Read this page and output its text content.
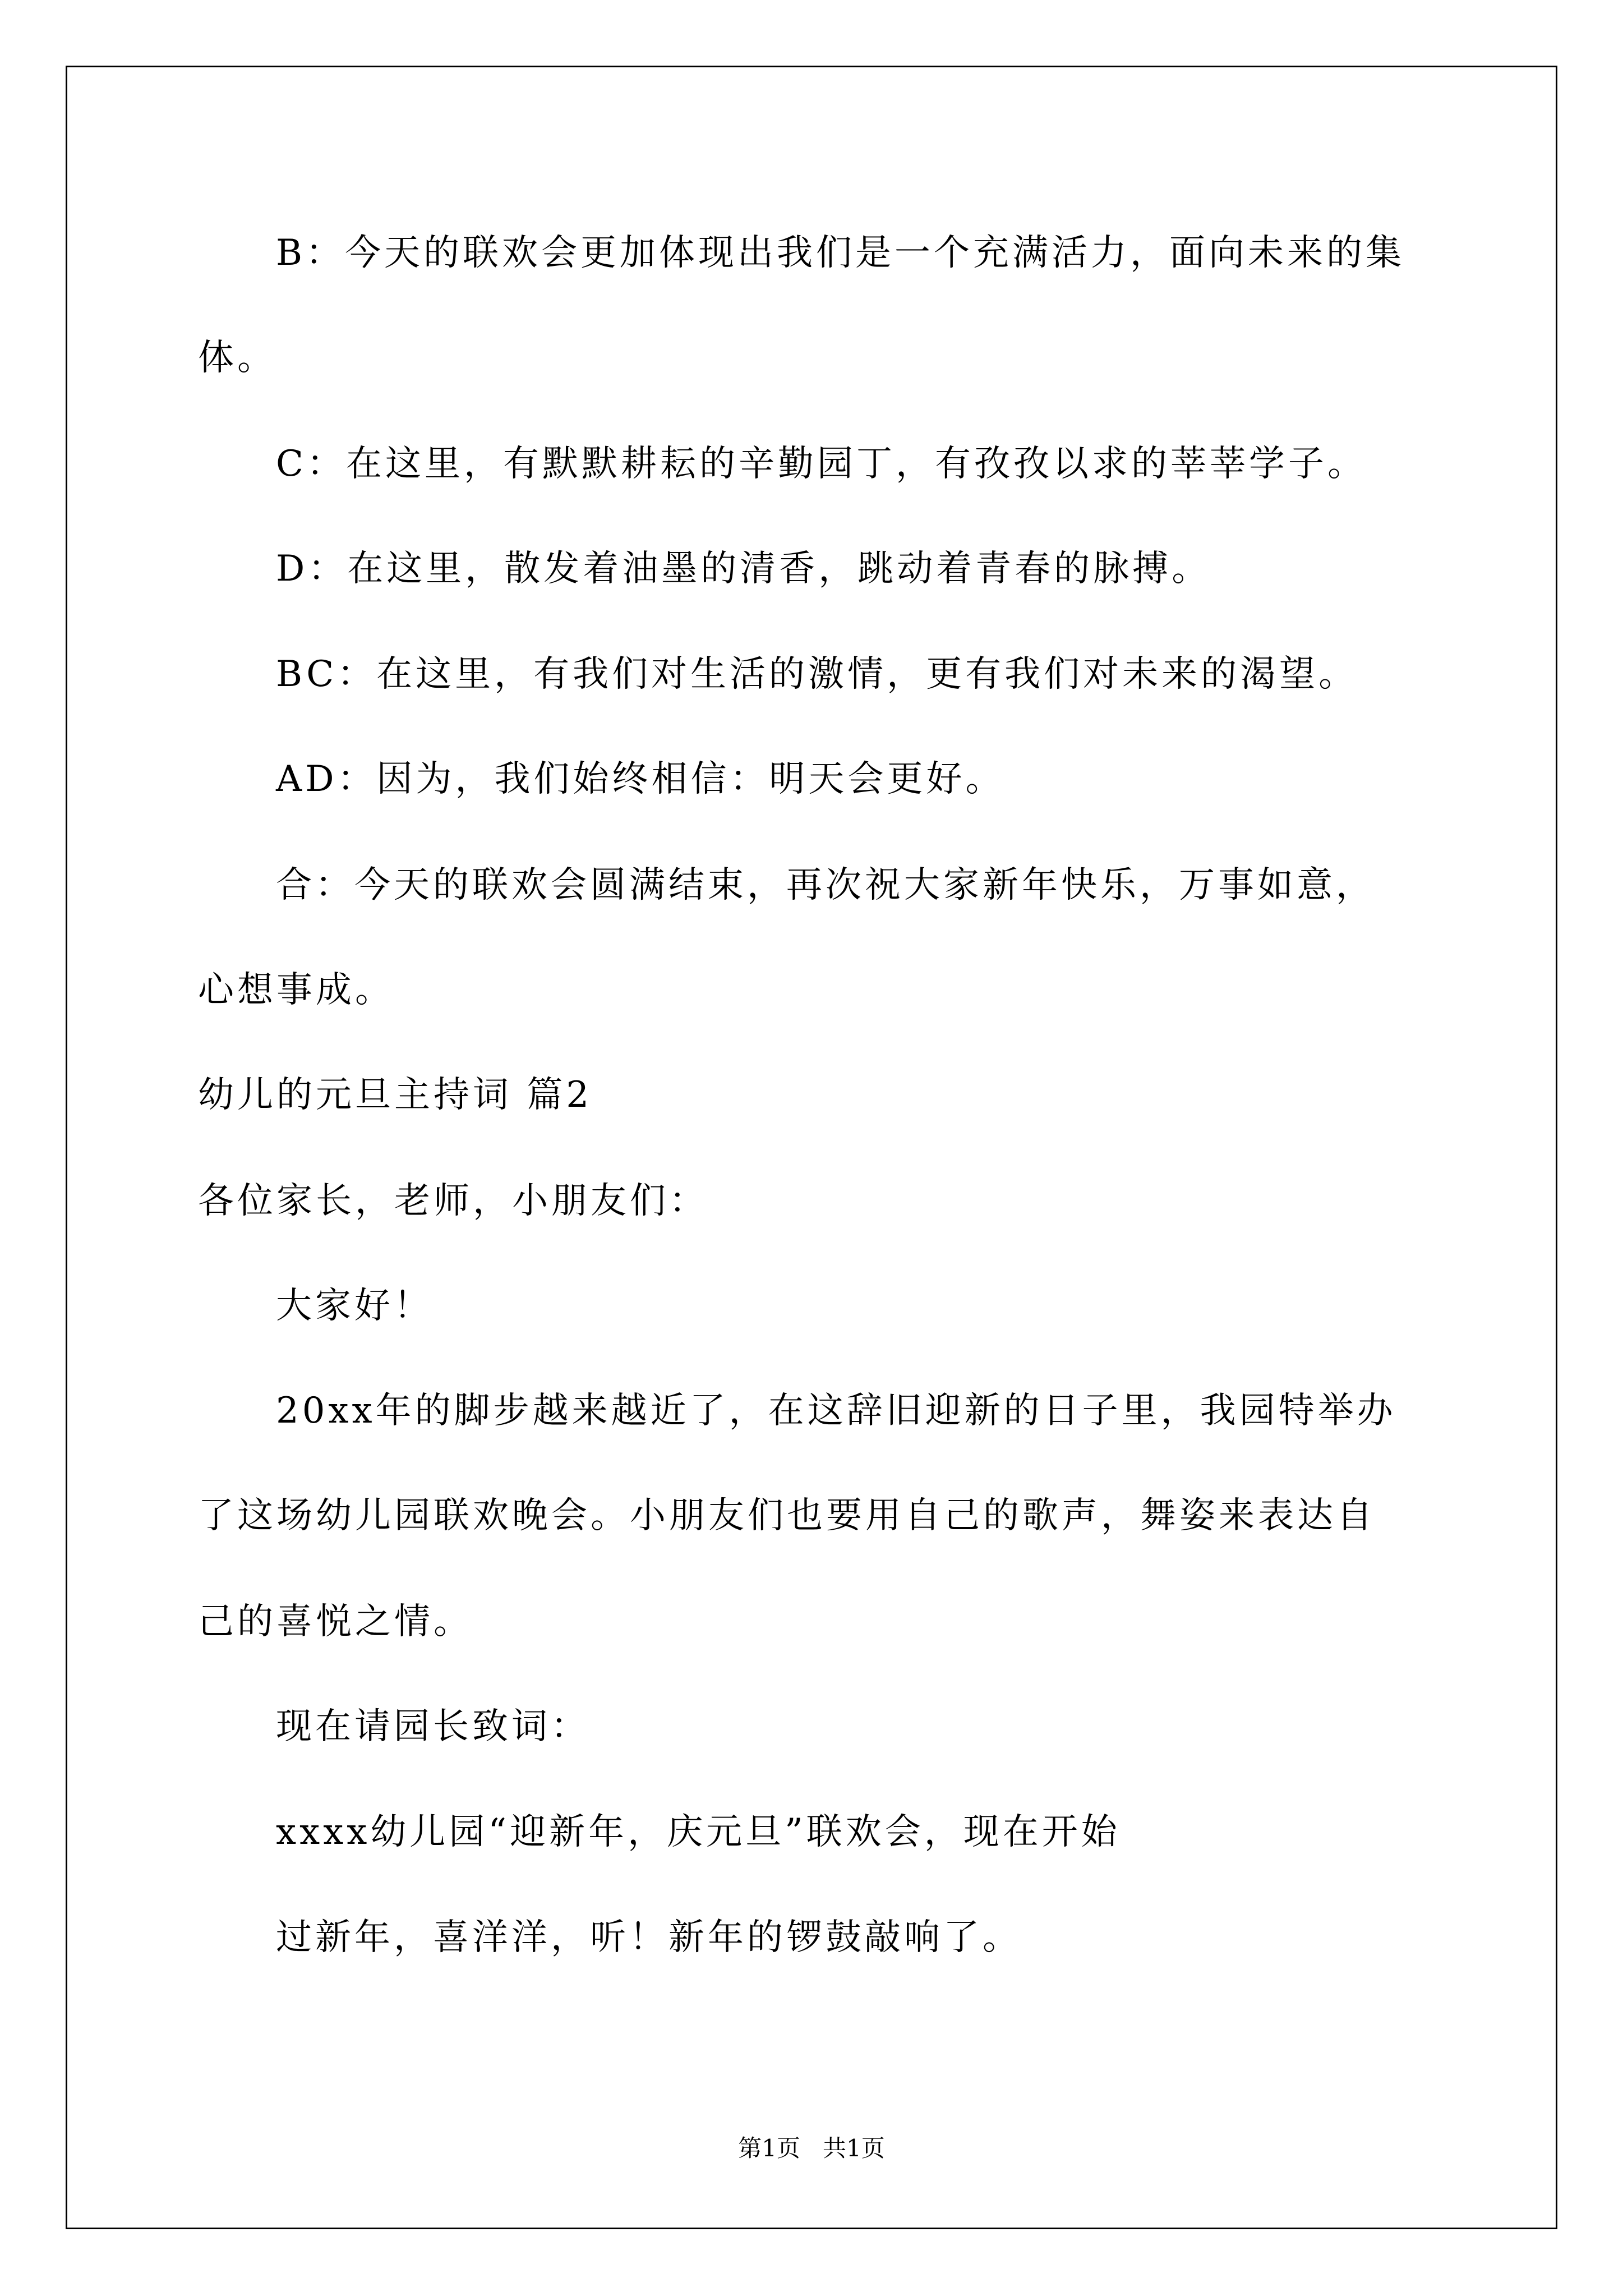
B：今天的联欢会更加体现出我们是一个充满活力，面向未来的集

体。

C：在这里，有默默耕耘的辛勤园丁，有孜孜以求的莘莘学子。

D：在这里，散发着油墨的清香，跳动着青春的脉搏。

BC：在这里，有我们对生活的激情，更有我们对未来的渴望。

AD：因为，我们始终相信：明天会更好。

合：今天的联欢会圆满结束，再次祝大家新年快乐，万事如意，

心想事成。

幼儿的元旦主持词 篇2

各位家长，老师，小朋友们：

大家好！

20xx年的脚步越来越近了，在这辞旧迎新的日子里，我园特举办

了这场幼儿园联欢晚会。小朋友们也要用自己的歌声，舞姿来表达自

己的喜悦之情。

现在请园长致词：

xxxx幼儿园“迎新年，庆元旦”联欢会，现在开始

过新年，喜洋洋，听！新年的锣鼓敲响了。

第1页   共1页
